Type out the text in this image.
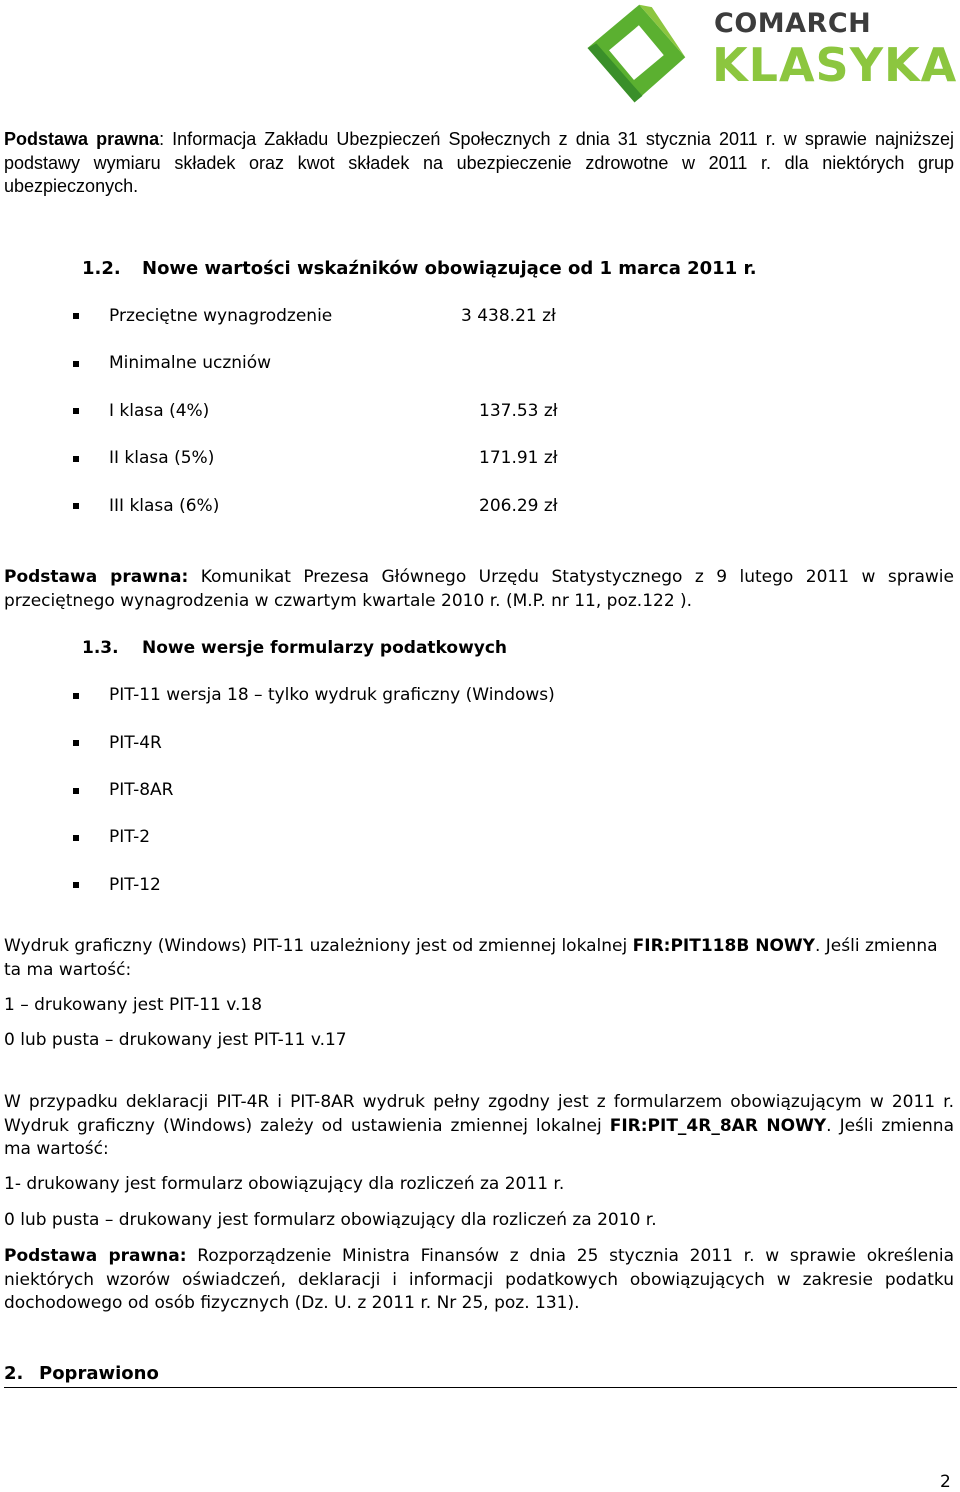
COMARCH
KLASYKA
Podstawa prawna: Informacja Zakładu Ubezpieczeń Społecznych z dnia 31 stycznia 2011 r. w sprawie najniższej podstawy wymiaru składek oraz kwot składek na ubezpieczenie zdrowotne w 2011 r. dla niektórych grup ubezpieczonych.
1.2. Nowe wartości wskaźników obowiązujące od 1 marca 2011 r.
Przeciętne wynagrodzenie	3 438.21 zł
Minimalne uczniów
I klasa (4%)	137.53 zł
II klasa (5%)	171.91 zł
III klasa (6%)	206.29 zł
Podstawa prawna: Komunikat Prezesa Głównego Urzędu Statystycznego z 9 lutego 2011 w sprawie przeciętnego wynagrodzenia w czwartym kwartale 2010 r. (M.P. nr 11, poz.122 ).
1.3. Nowe wersje formularzy podatkowych
PIT-11 wersja 18 – tylko wydruk graficzny (Windows)
PIT-4R
PIT-8AR
PIT-2
PIT-12
Wydruk graficzny (Windows) PIT-11 uzależniony jest od zmiennej lokalnej FIR:PIT118B NOWY. Jeśli zmienna ta ma wartość:
1 – drukowany jest PIT-11 v.18
0 lub pusta – drukowany jest PIT-11 v.17
W przypadku deklaracji PIT-4R i PIT-8AR wydruk pełny zgodny jest z formularzem obowiązującym w 2011 r. Wydruk graficzny (Windows) zależy od ustawienia zmiennej lokalnej FIR:PIT_4R_8AR NOWY. Jeśli zmienna ma wartość:
1- drukowany jest formularz obowiązujący dla rozliczeń za 2011 r.
0 lub pusta – drukowany jest formularz obowiązujący dla rozliczeń za 2010 r.
Podstawa prawna: Rozporządzenie Ministra Finansów z dnia 25 stycznia 2011 r. w sprawie określenia niektórych wzorów oświadczeń, deklaracji i informacji podatkowych obowiązujących w zakresie podatku dochodowego od osób fizycznych (Dz. U. z 2011 r. Nr 25, poz. 131).
2. Poprawiono
2
